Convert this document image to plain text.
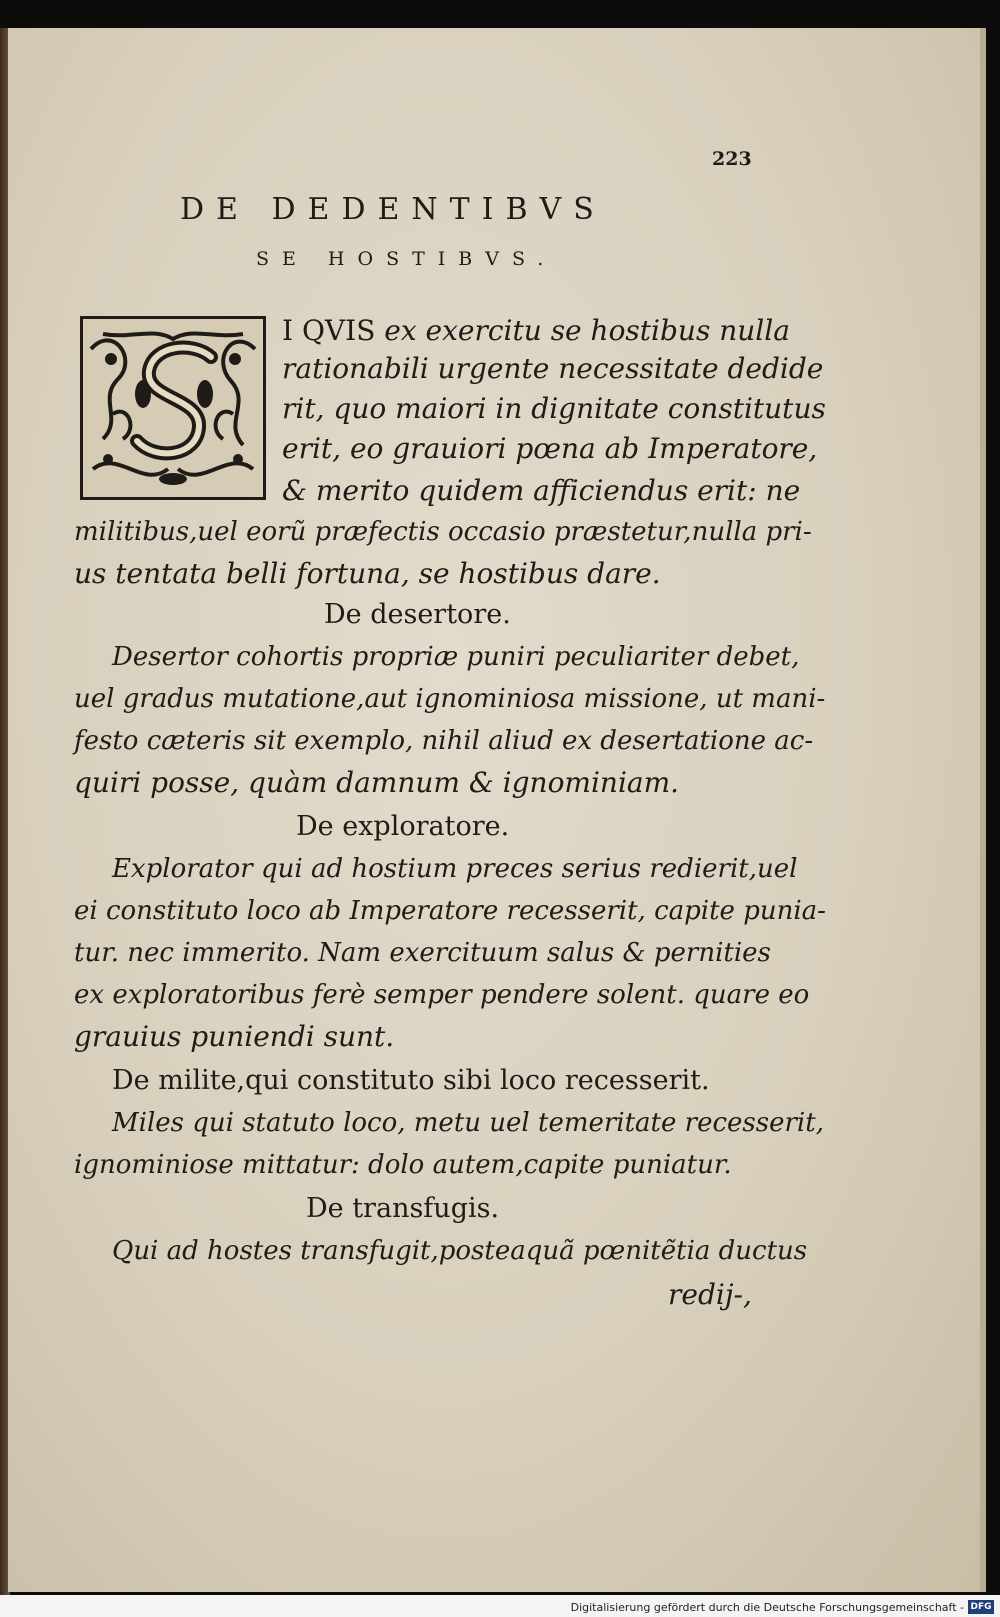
223
DE DEDENTIBVS
SE HOSTIBVS.
I QVIS ex exercitu se hostibus nulla
rationabili urgente necessitate dedide
rit, quo maiori in dignitate constitutus
erit, eo grauiori pœna ab Imperatore,
& merito quidem afficiendus erit: ne
militibus,uel eorũ præfectis occasio præstetur,nulla pri-
us tentata belli fortuna, se hostibus dare.
De desertore.
Desertor cohortis propriæ puniri peculiariter debet,
uel gradus mutatione,aut ignominiosa missione, ut mani-
festo cæteris sit exemplo, nihil aliud ex desertatione ac-
quiri posse, quàm damnum & ignominiam.
De exploratore.
Explorator qui ad hostium preces serius redierit,uel
ei constituto loco ab Imperatore recesserit, capite punia-
tur. nec immerito. Nam exercituum salus & pernities
ex exploratoribus ferè semper pendere solent. quare eo
grauius puniendi sunt.
De milite,qui constituto sibi loco recesserit.
Miles qui statuto loco, metu uel temeritate recesserit,
ignominiose mittatur: dolo autem,capite puniatur.
De transfugis.
Qui ad hostes transfugit,posteaquã pœnitẽtia ductus
redij-,
Digitalisierung gefördert durch die Deutsche Forschungsgemeinschaft - DFG
